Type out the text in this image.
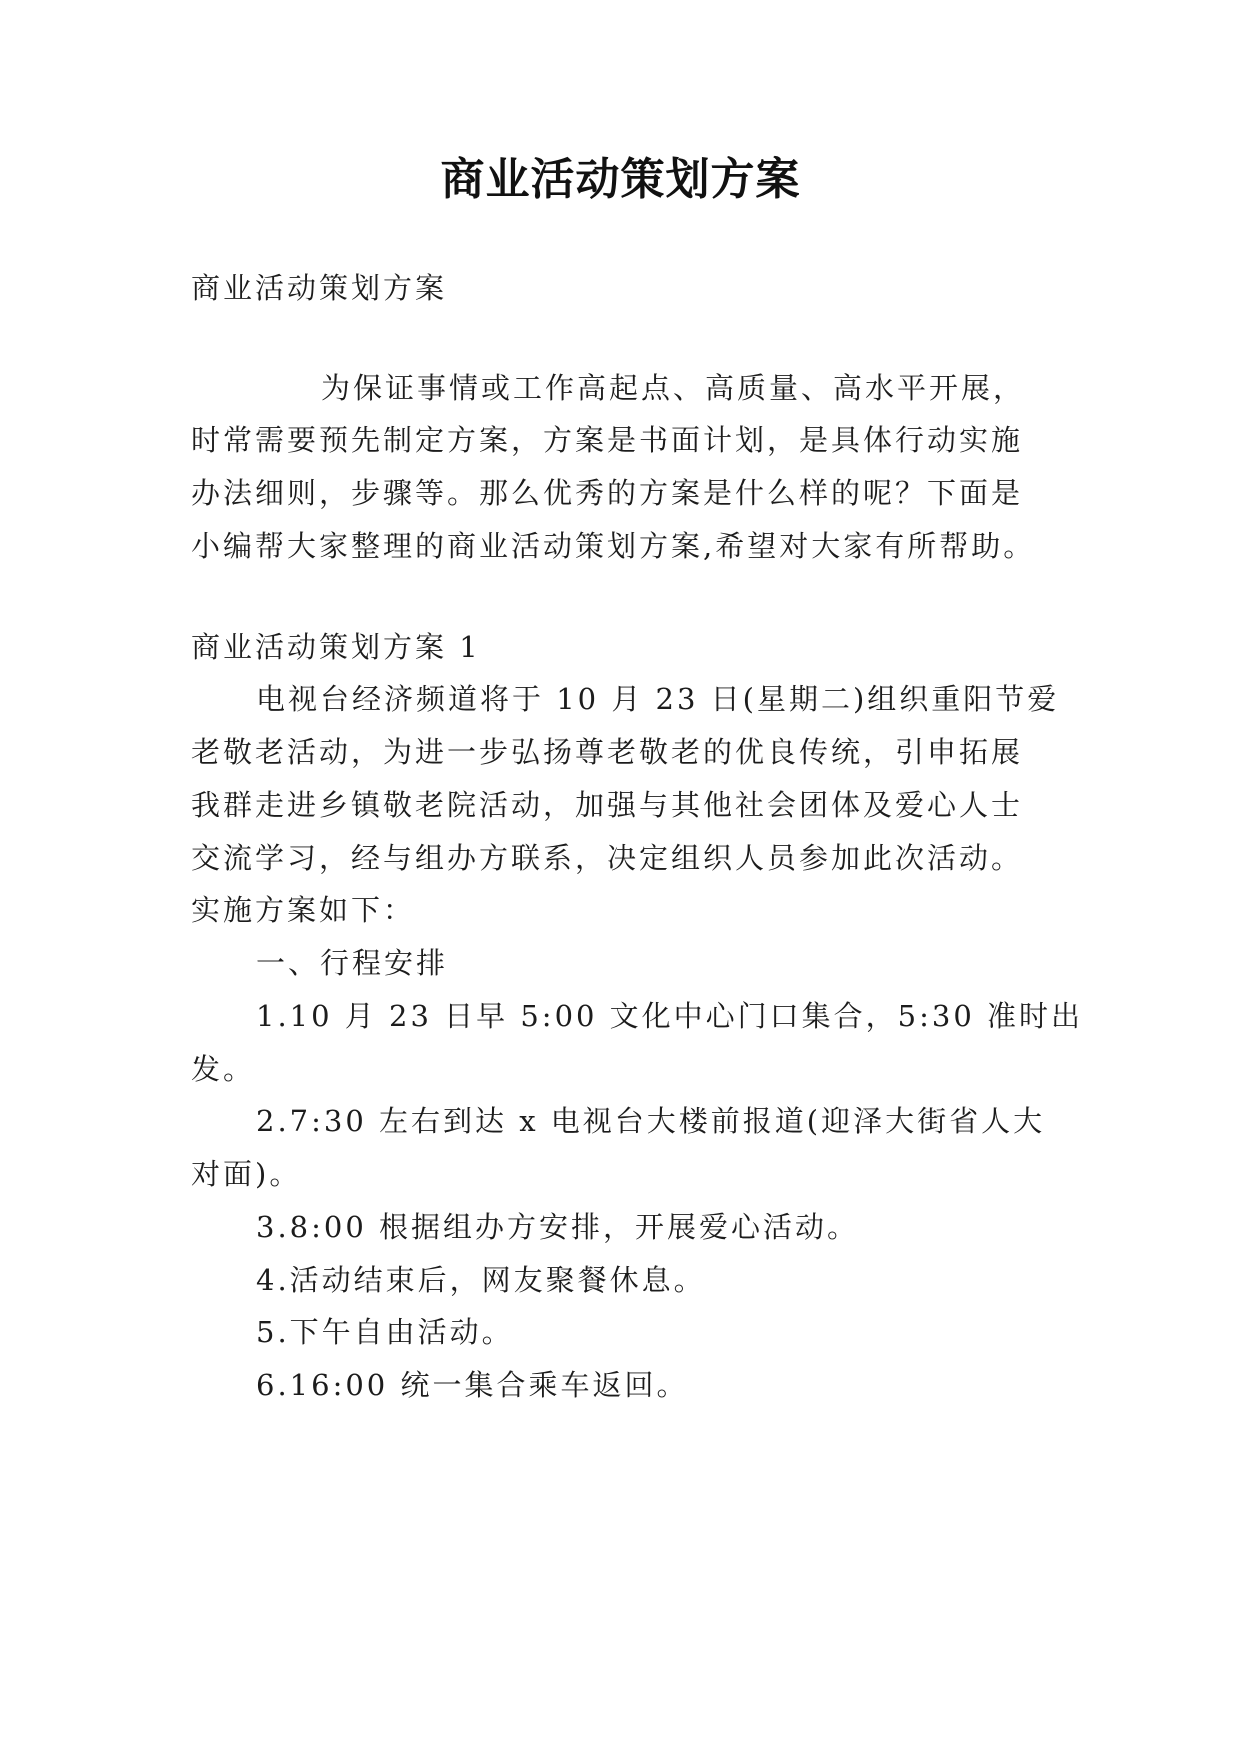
商业活动策划方案
商业活动策划方案
为保证事情或工作高起点、高质量、高水平开展，
时常需要预先制定方案，方案是书面计划，是具体行动实施
办法细则，步骤等。那么优秀的方案是什么样的呢？下面是
小编帮大家整理的商业活动策划方案,希望对大家有所帮助。
商业活动策划方案 1
电视台经济频道将于 10 月 23 日(星期二)组织重阳节爱
老敬老活动，为进一步弘扬尊老敬老的优良传统，引申拓展
我群走进乡镇敬老院活动，加强与其他社会团体及爱心人士
交流学习，经与组办方联系，决定组织人员参加此次活动。
实施方案如下：
一、行程安排
1.10 月 23 日早 5:00 文化中心门口集合，5:30 准时出
发。
2.7:30 左右到达 x 电视台大楼前报道(迎泽大街省人大
对面)。
3.8:00 根据组办方安排，开展爱心活动。
4.活动结束后，网友聚餐休息。
5.下午自由活动。
6.16:00 统一集合乘车返回。
